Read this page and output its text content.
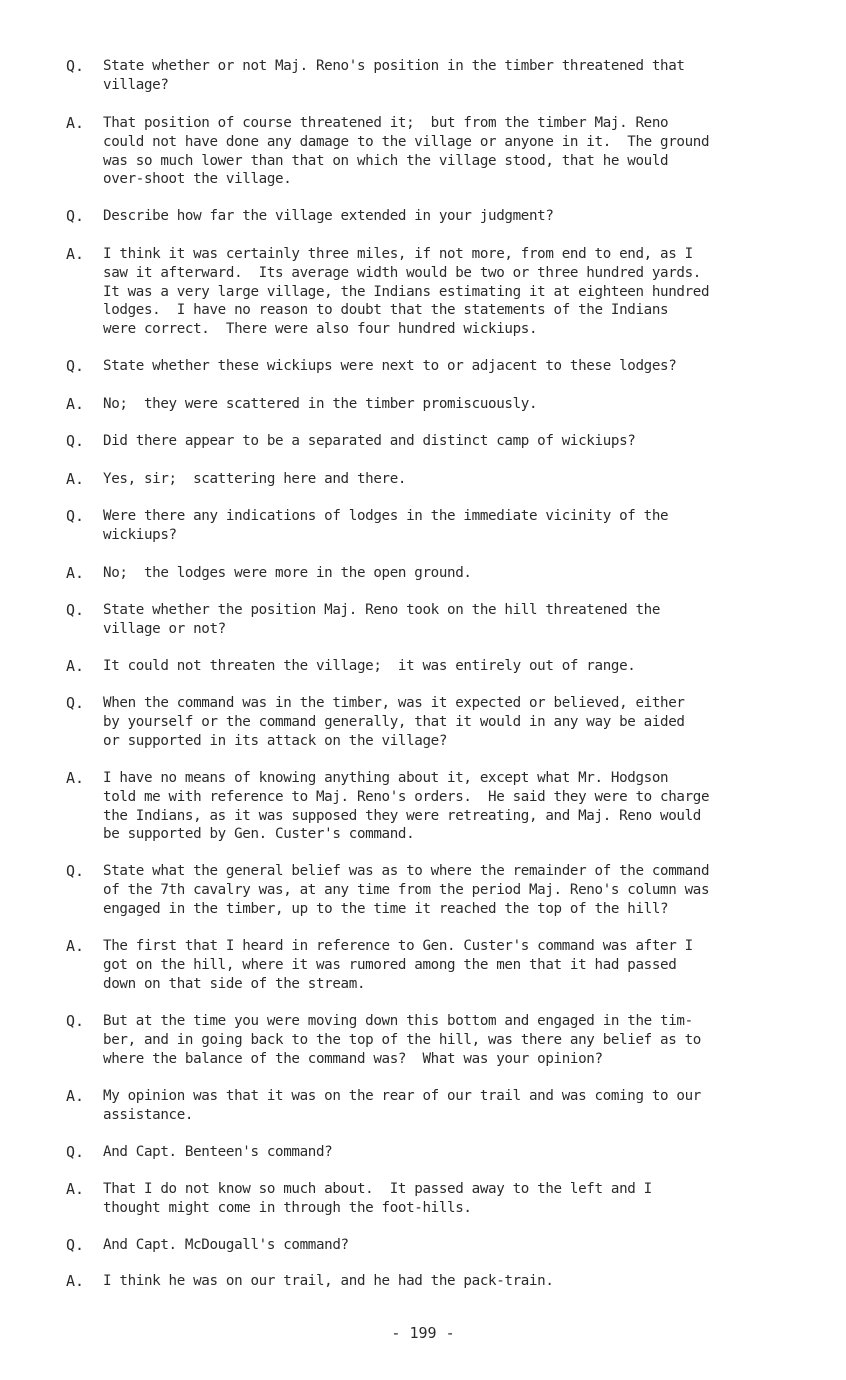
Q. State whether or not Maj. Reno's position in the timber threatened that
village?
A. That position of course threatened it;  but from the timber Maj. Reno
could not have done any damage to the village or anyone in it.  The ground
was so much lower than that on which the village stood, that he would
over-shoot the village.
Q. Describe how far the village extended in your judgment?
A. I think it was certainly three miles, if not more, from end to end, as I
saw it afterward.  Its average width would be two or three hundred yards.
It was a very large village, the Indians estimating it at eighteen hundred
lodges.  I have no reason to doubt that the statements of the Indians
were correct.  There were also four hundred wickiups.
Q. State whether these wickiups were next to or adjacent to these lodges?
A. No;  they were scattered in the timber promiscuously.
Q. Did there appear to be a separated and distinct camp of wickiups?
A. Yes, sir;  scattering here and there.
Q. Were there any indications of lodges in the immediate vicinity of the
wickiups?
A. No;  the lodges were more in the open ground.
Q. State whether the position Maj. Reno took on the hill threatened the
village or not?
A. It could not threaten the village;  it was entirely out of range.
Q. When the command was in the timber, was it expected or believed, either
by yourself or the command generally, that it would in any way be aided
or supported in its attack on the village?
A. I have no means of knowing anything about it, except what Mr. Hodgson
told me with reference to Maj. Reno's orders.  He said they were to charge
the Indians, as it was supposed they were retreating, and Maj. Reno would
be supported by Gen. Custer's command.
Q. State what the general belief was as to where the remainder of the command
of the 7th cavalry was, at any time from the period Maj. Reno's column was
engaged in the timber, up to the time it reached the top of the hill?
A. The first that I heard in reference to Gen. Custer's command was after I
got on the hill, where it was rumored among the men that it had passed
down on that side of the stream.
Q. But at the time you were moving down this bottom and engaged in the tim-
ber, and in going back to the top of the hill, was there any belief as to
where the balance of the command was?  What was your opinion?
A. My opinion was that it was on the rear of our trail and was coming to our
assistance.
Q. And Capt. Benteen's command?
A. That I do not know so much about.  It passed away to the left and I
thought might come in through the foot-hills.
Q. And Capt. McDougall's command?
A. I think he was on our trail, and he had the pack-train.
- 199 -
